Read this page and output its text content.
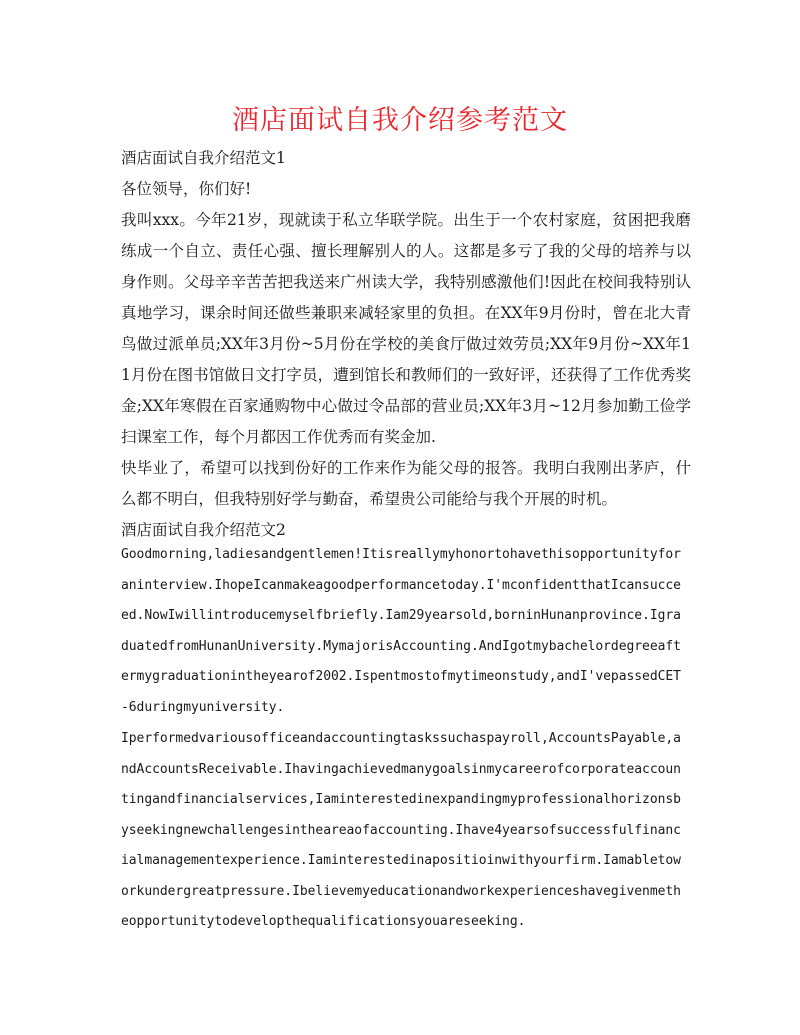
酒店面试自我介绍参考范文

酒店面试自我介绍范文1

各位领导，你们好!

我叫xxx。今年21岁，现就读于私立华联学院。出生于一个农村家庭，贫困把我磨练成一个自立、责任心强、擅长理解别人的人。这都是多亏了我的父母的培养与以身作则。父母辛辛苦苦把我送来广州读大学，我特别感激他们!因此在校间我特别认真地学习，课余时间还做些兼职来减轻家里的负担。在XX年9月份时，曾在北大青鸟做过派单员;XX年3月份~5月份在学校的美食厅做过效劳员;XX年9月份~XX年11月份在图书馆做日文打字员，遭到馆长和教师们的一致好评，还获得了工作优秀奖金;XX年寒假在百家通购物中心做过令品部的营业员;XX年3月~12月参加勤工俭学扫课室工作，每个月都因工作优秀而有奖金加.

快毕业了，希望可以找到份好的工作来作为能父母的报答。我明白我刚出茅庐，什么都不明白，但我特别好学与勤奋，希望贵公司能给与我个开展的时机。

酒店面试自我介绍范文2

Goodmorning,ladiesandgentlemen!Itisreallymyhonortohavethisopportunityforaninterview.IhopeIcanmakeagoodperformancetoday.I'mconfidentthatIcansucceed.NowIwillintroducemyselfbriefly.Iam29yearsold,borninHunanprovince.IgraduatedfromHunanUniversity.MymajorisAccounting.AndIgotmybachelordegreeaftermygraduationintheyearof2002.Ispentmostofmytimeonstudy,andI'vepassedCET-6duringmyuniversity.

Iperformedvariousofficeandaccountingtaskssuchaspayroll,AccountsPayable,andAccountsReceivable.Ihavingachievedmanygoalsinmycareerofcorporateaccountingandfinancialservices,Iaminterestedinexpandingmyprofessionalhorizonsbyseekingnewchallengesintheareaofaccounting.Ihave4yearsofsuccessfulfinancialmanagementexperience.Iaminterestedinapositioinwithyourfirm.Iamabletoworkundergreatpressure.Ibelievemyeducationandworkexperienceshavegivenmetheopportunitytodevelopthequalificationsyouareseeking.
